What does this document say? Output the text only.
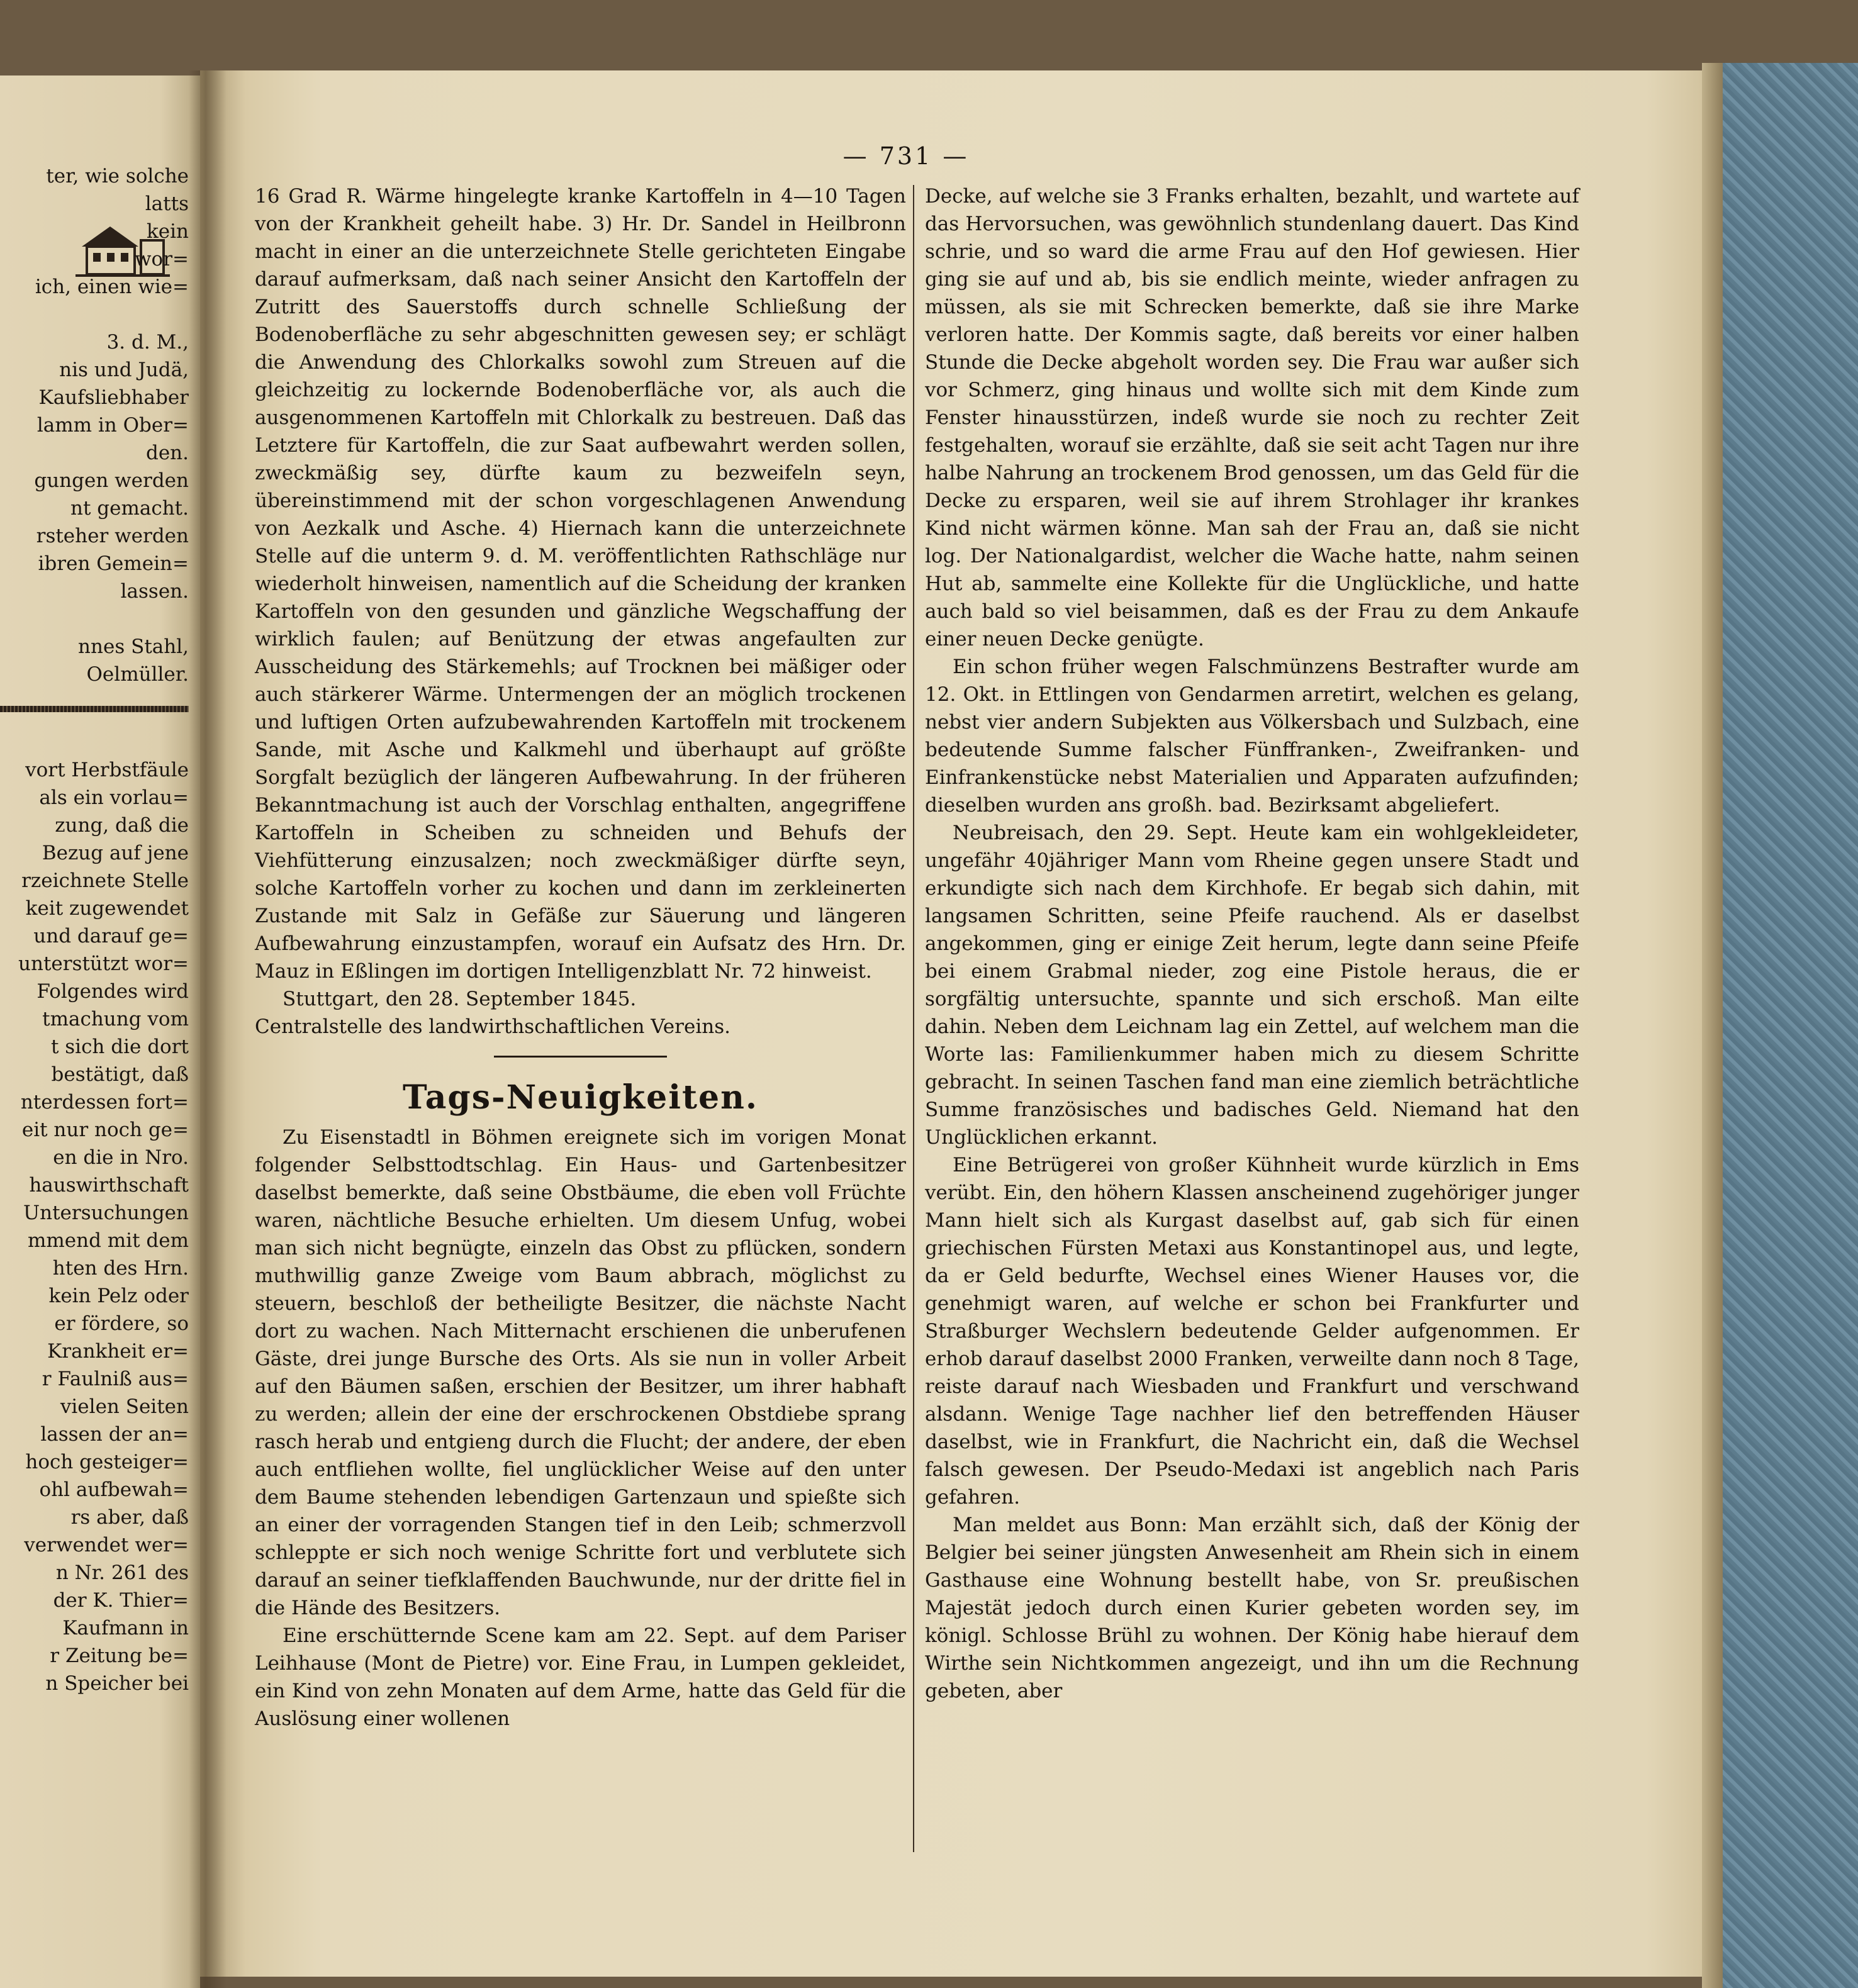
ter, wie solche
latts
kein
wor=
ich, einen wie=

3. d. M.,
nis und Judä,
Kaufsliebhaber
lamm in Ober=
den.
gungen werden
nt gemacht.
rsteher werden
ibren Gemein=
lassen.

nnes Stahl,
Oelmüller.
vort Herbstfäule
als ein vorlau=
zung, daß die
Bezug auf jene
rzeichnete Stelle
keit zugewendet
und darauf ge=
unterstützt wor=
Folgendes wird
tmachung vom
t sich die dort
bestätigt, daß
nterdessen fort=
eit nur noch ge=
en die in Nro.
hauswirthschaft
Untersuchungen
mmend mit dem
hten des Hrn.
kein Pelz oder
er fördere, so
Krankheit er=
r Faulniß aus=
vielen Seiten
lassen der an=
hoch gesteiger=
ohl aufbewah=
rs aber, daß
verwendet wer=
n Nr. 261 des
der K. Thier=
Kaufmann in
r Zeitung be=
n Speicher bei
— 731 —

16 Grad R. Wärme hingelegte kranke Kartoffeln in 4—10 Tagen von der Krankheit geheilt habe. 3) Hr. Dr. Sandel in Heilbronn macht in einer an die unterzeichnete Stelle gerichteten Eingabe darauf aufmerksam, daß nach seiner Ansicht den Kartoffeln der Zutritt des Sauerstoffs durch schnelle Schließung der Bodenoberfläche zu sehr abgeschnitten gewesen sey; er schlägt die Anwendung des Chlorkalks sowohl zum Streuen auf die gleichzeitig zu lockernde Bodenoberfläche vor, als auch die ausgenommenen Kartoffeln mit Chlorkalk zu bestreuen. Daß das Letztere für Kartoffeln, die zur Saat aufbewahrt werden sollen, zweckmäßig sey, dürfte kaum zu bezweifeln seyn, übereinstimmend mit der schon vorgeschlagenen Anwendung von Aezkalk und Asche. 4) Hiernach kann die unterzeichnete Stelle auf die unterm 9. d. M. veröffentlichten Rathschläge nur wiederholt hinweisen, namentlich auf die Scheidung der kranken Kartoffeln von den gesunden und gänzliche Wegschaffung der wirklich faulen; auf Benützung der etwas angefaulten zur Ausscheidung des Stärkemehls; auf Trocknen bei mäßiger oder auch stärkerer Wärme. Untermengen der an möglich trockenen und luftigen Orten aufzubewahrenden Kartoffeln mit trockenem Sande, mit Asche und Kalkmehl und überhaupt auf größte Sorgfalt bezüglich der längeren Aufbewahrung. In der früheren Bekanntmachung ist auch der Vorschlag enthalten, angegriffene Kartoffeln in Scheiben zu schneiden und Behufs der Viehfütterung einzusalzen; noch zweckmäßiger dürfte seyn, solche Kartoffeln vorher zu kochen und dann im zerkleinerten Zustande mit Salz in Gefäße zur Säuerung und längeren Aufbewahrung einzustampfen, worauf ein Aufsatz des Hrn. Dr. Mauz in Eßlingen im dortigen Intelligenzblatt Nr. 72 hinweist.

Stuttgart, den 28. September 1845.

Centralstelle des landwirthschaftlichen Vereins.

Tags-Neuigkeiten.

Zu Eisenstadtl in Böhmen ereignete sich im vorigen Monat folgender Selbsttodtschlag. Ein Haus- und Gartenbesitzer daselbst bemerkte, daß seine Obstbäume, die eben voll Früchte waren, nächtliche Besuche erhielten. Um diesem Unfug, wobei man sich nicht begnügte, einzeln das Obst zu pflücken, sondern muthwillig ganze Zweige vom Baum abbrach, möglichst zu steuern, beschloß der betheiligte Besitzer, die nächste Nacht dort zu wachen. Nach Mitternacht erschienen die unberufenen Gäste, drei junge Bursche des Orts. Als sie nun in voller Arbeit auf den Bäumen saßen, erschien der Besitzer, um ihrer habhaft zu werden; allein der eine der erschrockenen Obstdiebe sprang rasch herab und entgieng durch die Flucht; der andere, der eben auch entfliehen wollte, fiel unglücklicher Weise auf den unter dem Baume stehenden lebendigen Gartenzaun und spießte sich an einer der vorragenden Stangen tief in den Leib; schmerzvoll schleppte er sich noch wenige Schritte fort und verblutete sich darauf an seiner tiefklaffenden Bauchwunde, nur der dritte fiel in die Hände des Besitzers.

Eine erschütternde Scene kam am 22. Sept. auf dem Pariser Leihhause (Mont de Pietre) vor. Eine Frau, in Lumpen gekleidet, ein Kind von zehn Monaten auf dem Arme, hatte das Geld für die Auslösung einer wollenen

Decke, auf welche sie 3 Franks erhalten, bezahlt, und wartete auf das Hervorsuchen, was gewöhnlich stundenlang dauert. Das Kind schrie, und so ward die arme Frau auf den Hof gewiesen. Hier ging sie auf und ab, bis sie endlich meinte, wieder anfragen zu müssen, als sie mit Schrecken bemerkte, daß sie ihre Marke verloren hatte. Der Kommis sagte, daß bereits vor einer halben Stunde die Decke abgeholt worden sey. Die Frau war außer sich vor Schmerz, ging hinaus und wollte sich mit dem Kinde zum Fenster hinausstürzen, indeß wurde sie noch zu rechter Zeit festgehalten, worauf sie erzählte, daß sie seit acht Tagen nur ihre halbe Nahrung an trockenem Brod genossen, um das Geld für die Decke zu ersparen, weil sie auf ihrem Strohlager ihr krankes Kind nicht wärmen könne. Man sah der Frau an, daß sie nicht log. Der Nationalgardist, welcher die Wache hatte, nahm seinen Hut ab, sammelte eine Kollekte für die Unglückliche, und hatte auch bald so viel beisammen, daß es der Frau zu dem Ankaufe einer neuen Decke genügte.

Ein schon früher wegen Falschmünzens Bestrafter wurde am 12. Okt. in Ettlingen von Gendarmen arretirt, welchen es gelang, nebst vier andern Subjekten aus Völkersbach und Sulzbach, eine bedeutende Summe falscher Fünffranken-, Zweifranken- und Einfrankenstücke nebst Materialien und Apparaten aufzufinden; dieselben wurden ans großh. bad. Bezirksamt abgeliefert.

Neubreisach, den 29. Sept. Heute kam ein wohlgekleideter, ungefähr 40jähriger Mann vom Rheine gegen unsere Stadt und erkundigte sich nach dem Kirchhofe. Er begab sich dahin, mit langsamen Schritten, seine Pfeife rauchend. Als er daselbst angekommen, ging er einige Zeit herum, legte dann seine Pfeife bei einem Grabmal nieder, zog eine Pistole heraus, die er sorgfältig untersuchte, spannte und sich erschoß. Man eilte dahin. Neben dem Leichnam lag ein Zettel, auf welchem man die Worte las: Familienkummer haben mich zu diesem Schritte gebracht. In seinen Taschen fand man eine ziemlich beträchtliche Summe französisches und badisches Geld. Niemand hat den Unglücklichen erkannt.

Eine Betrügerei von großer Kühnheit wurde kürzlich in Ems verübt. Ein, den höhern Klassen anscheinend zugehöriger junger Mann hielt sich als Kurgast daselbst auf, gab sich für einen griechischen Fürsten Metaxi aus Konstantinopel aus, und legte, da er Geld bedurfte, Wechsel eines Wiener Hauses vor, die genehmigt waren, auf welche er schon bei Frankfurter und Straßburger Wechslern bedeutende Gelder aufgenommen. Er erhob darauf daselbst 2000 Franken, verweilte dann noch 8 Tage, reiste darauf nach Wiesbaden und Frankfurt und verschwand alsdann. Wenige Tage nachher lief den betreffenden Häuser daselbst, wie in Frankfurt, die Nachricht ein, daß die Wechsel falsch gewesen. Der Pseudo-Medaxi ist angeblich nach Paris gefahren.

Man meldet aus Bonn: Man erzählt sich, daß der König der Belgier bei seiner jüngsten Anwesenheit am Rhein sich in einem Gasthause eine Wohnung bestellt habe, von Sr. preußischen Majestät jedoch durch einen Kurier gebeten worden sey, im königl. Schlosse Brühl zu wohnen. Der König habe hierauf dem Wirthe sein Nichtkommen angezeigt, und ihn um die Rechnung gebeten, aber
